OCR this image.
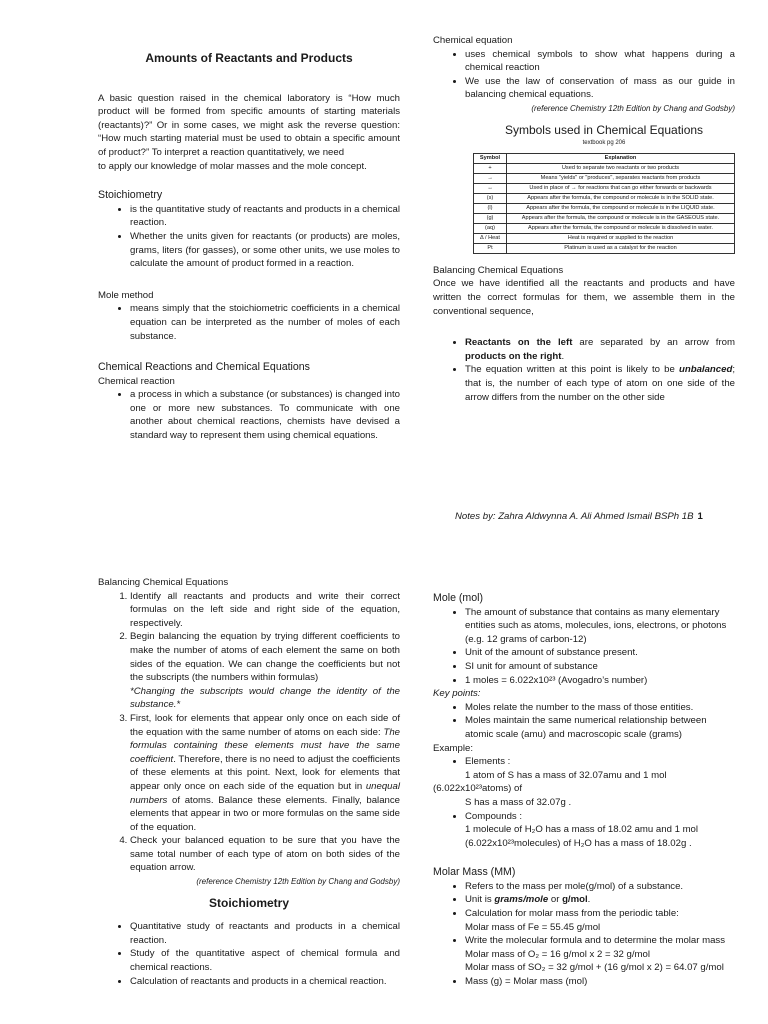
Amounts of Reactants and Products

A basic question raised in the chemical laboratory is “How much product will be formed from specific amounts of starting materials (reactants)?” Or in some cases, we might ask the reverse question: “How much starting material must be used to obtain a specific amount of product?” To interpret a reaction quantitatively, we need

to apply our knowledge of molar masses and the mole concept.

Stoichiometry

• is the quantitative study of reactants and products in a chemical reaction.
• Whether the units given for reactants (or products) are moles, grams, liters (for gasses), or some other units, we use moles to calculate the amount of product formed in a reaction.

Mole method

• means simply that the stoichiometric coefficients in a chemical equation can be interpreted as the number of moles of each substance.

Chemical Reactions and Chemical Equations

Chemical reaction

• a process in which a substance (or substances) is changed into one or more new substances. To communicate with one another about chemical reactions, chemists have devised a standard way to represent them using chemical equations.

Chemical equation

• uses chemical symbols to show what happens during a chemical reaction
• We use the law of conservation of mass as our guide in balancing chemical equations.
(reference Chemistry 12th Edition by Chang and Godsby)

Symbols used in Chemical Equations

textbook pg 206

Symbol	Explanation
+	Used to separate two reactants or two products
→	Means "yields" or "produces", separates reactants from products
↔	Used in place of → for reactions that can go either forwards or backwards
(s)	Appears after the formula, the compound or molecule is in the SOLID state.
(l)	Appears after the formula, the compound or molecule is in the LIQUID state.
(g)	Appears after the formula, the compound or molecule is in the GASEOUS state.
(aq)	Appears after the formula, the compound or molecule is dissolved in water.
Δ / Heat	Heat is required or supplied to the reaction
Pt	Platinum is used as a catalyst for the reaction

Balancing Chemical Equations

Once we have identified all the reactants and products and have written the correct formulas for them, we assemble them in the conventional sequence,

• Reactants on the left are separated by an arrow from products on the right.
• The equation written at this point is likely to be unbalanced; that is, the number of each type of atom on one side of the arrow differs from the number on the other side
Notes by: Zahra Aldwynna A. Ali Ahmed Ismail BSPh 1B 1

Balancing Chemical Equations

1. Identify all reactants and products and write their correct formulas on the left side and right side of the equation, respectively.
2. Begin balancing the equation by trying different coefficients to make the number of atoms of each element the same on both sides of the equation. We can change the coefficients but not the subscripts (the numbers within formulas)
*Changing the subscripts would change the identity of the substance.*
3. First, look for elements that appear only once on each side of the equation with the same number of atoms on each side: The formulas containing these elements must have the same coefficient. Therefore, there is no need to adjust the coefficients of these elements at this point. Next, look for elements that appear only once on each side of the equation but in unequal numbers of atoms. Balance these elements. Finally, balance elements that appear in two or more formulas on the same side of the equation.
4. Check your balanced equation to be sure that you have the same total number of each type of atom on both sides of the equation arrow.
(reference Chemistry 12th Edition by Chang and Godsby)

Stoichiometry

• Quantitative study of reactants and products in a chemical reaction.
• Study of the quantitative aspect of chemical formula and chemical reactions.
• Calculation of reactants and products in a chemical reaction.

Mole (mol)

• The amount of substance that contains as many elementary entities such as atoms, molecules, ions, electrons, or photons (e.g. 12 grams of carbon-12)
• Unit of the amount of substance present.
• SI unit for amount of substance
• 1 moles = 6.022x10²³ (Avogadro’s number)

Key points:

• Moles relate the number to the mass of those entities.
• Moles maintain the same numerical relationship between atomic scale (amu) and macroscopic scale (grams)

Example:

• Elements :
1 atom of S has a mass of 32.07amu and 1 mol
(6.022x10²³atoms) of
S has a mass of 32.07g .
• Compounds :
1 molecule of H₂O has a mass of 18.02 amu and 1 mol
(6.022x10²³molecules) of H₂O has a mass of 18.02g .

Molar Mass (MM)

• Refers to the mass per mole(g/mol) of a substance.
• Unit is grams/mole or g/mol.
• Calculation for molar mass from the periodic table:
Molar mass of Fe = 55.45 g/mol
• Write the molecular formula and to determine the molar mass
Molar mass of O₂ = 16 g/mol x 2 = 32 g/mol
Molar mass of SO₂ = 32 g/mol + (16 g/mol x 2) = 64.07 g/mol
• Mass (g) = Molar mass (mol)
